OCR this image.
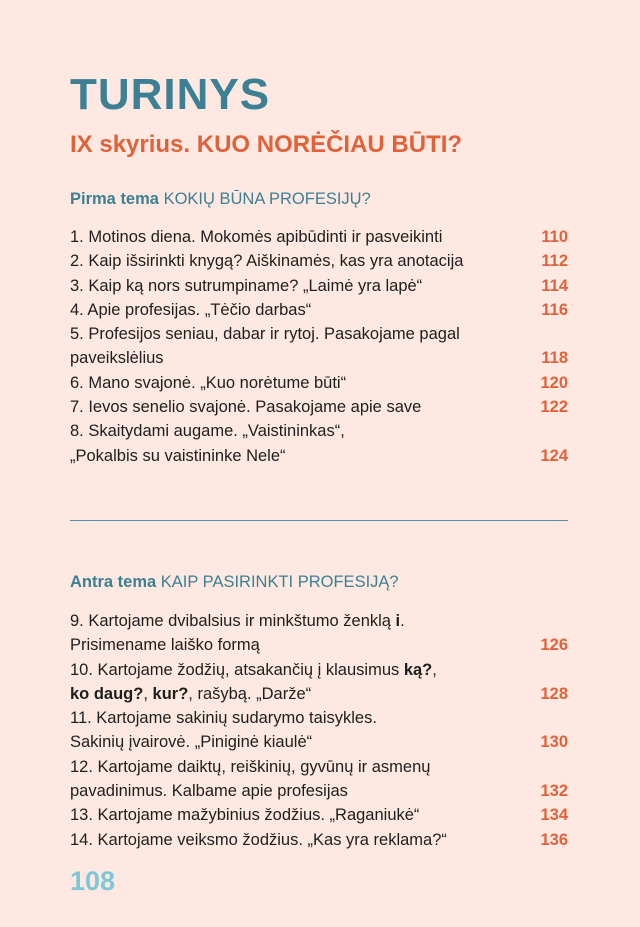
TURINYS
IX skyrius. KUO NORĖČIAU BŪTI?
Pirma tema KOKIŲ BŪNA PROFESIJŲ?
1. Motinos diena. Mokomės apibūdinti ir pasveikinti	110
2. Kaip išsirinkti knygą? Aiškinamės, kas yra anotacija	112
3. Kaip ką nors sutrumpiname? „Laimė yra lapė“	114
4. Apie profesijas. „Tėčio darbas“	116
5. Profesijos seniau, dabar ir rytoj. Pasakojame pagal
paveikslėlius	118
6. Mano svajonė. „Kuo norėtume būti“	120
7. Ievos senelio svajonė. Pasakojame apie save	122
8. Skaitydami augame. „Vaistininkas“,
„Pokalbis su vaistininke Nele“	124
Antra tema KAIP PASIRINKTI PROFESIJĄ?
9. Kartojame dvibalsius ir minkštumo ženklą i.
Prisimename laiško formą	126
10. Kartojame žodžių, atsakančių į klausimus ką?,
ko daug?, kur?, rašybą. „Darže“	128
11. Kartojame sakinių sudarymo taisykles.
Sakinių įvairovė. „Piniginė kiaulė“	130
12. Kartojame daiktų, reiškinių, gyvūnų ir asmenų
pavadinimus. Kalbame apie profesijas	132
13. Kartojame mažybinius žodžius. „Raganiukė“	134
14. Kartojame veiksmo žodžius. „Kas yra reklama?“	136
108
